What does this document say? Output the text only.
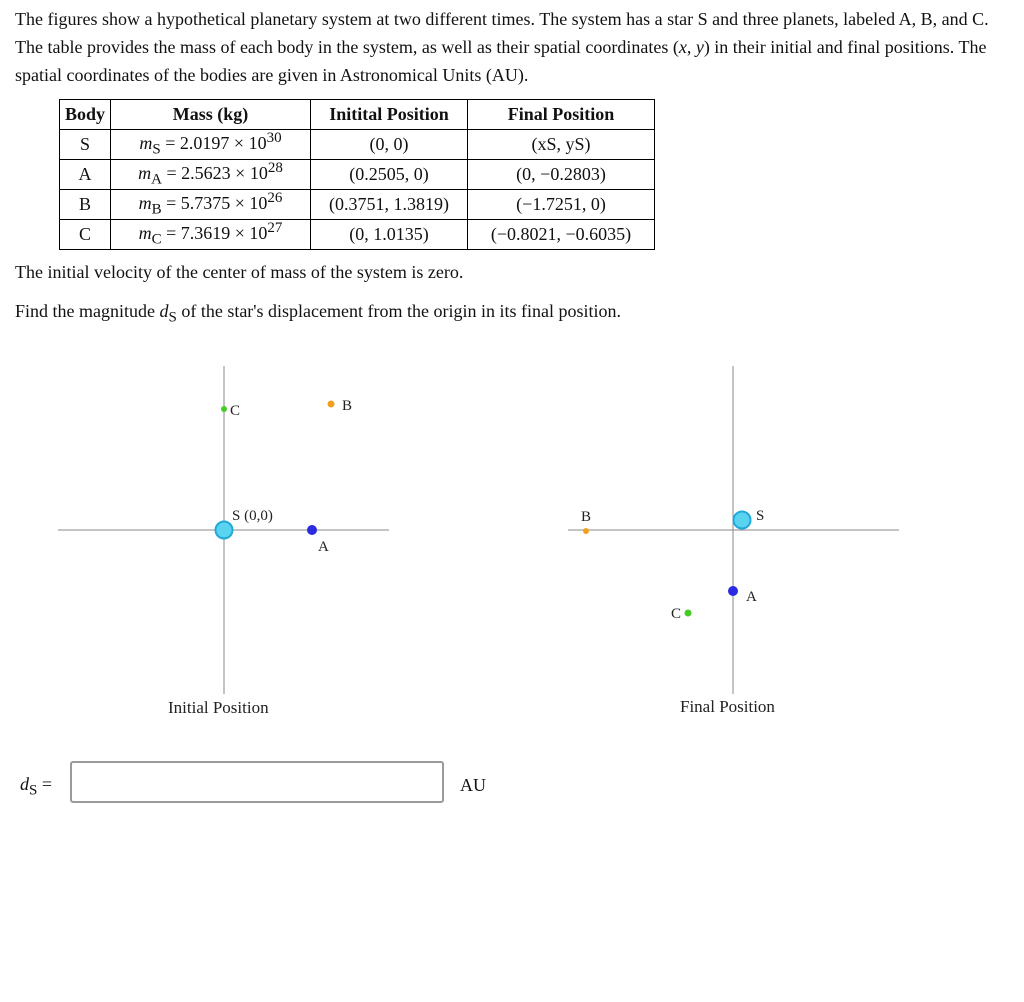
The figures show a hypothetical planetary system at two different times. The system has a star S and three planets, labeled A, B, and C. The table provides the mass of each body in the system, as well as their spatial coordinates (x, y) in their initial and final positions. The spatial coordinates of the bodies are given in Astronomical Units (AU).

Body	Mass (kg)	Initital Position	Final Position
S	$m_S = 2.0197 \times 10^{30}$	(0, 0)	(xS, yS)
A	$m_A = 2.5623 \times 10^{28}$	(0.2505, 0)	(0, −0.2803)
B	$m_B = 5.7375 \times 10^{26}$	(0.3751, 1.3819)	(−1.7251, 0)
C	$m_C = 7.3619 \times 10^{27}$	(0, 1.0135)	(−0.8021, −0.6035)

The initial velocity of the center of mass of the system is zero.

Find the magnitude $d_S$ of the star's displacement from the origin in its final position.

S (0,0)
A
B
C
Initial Position
S
A
B
C
Final Position
$d_S$ =	AU
